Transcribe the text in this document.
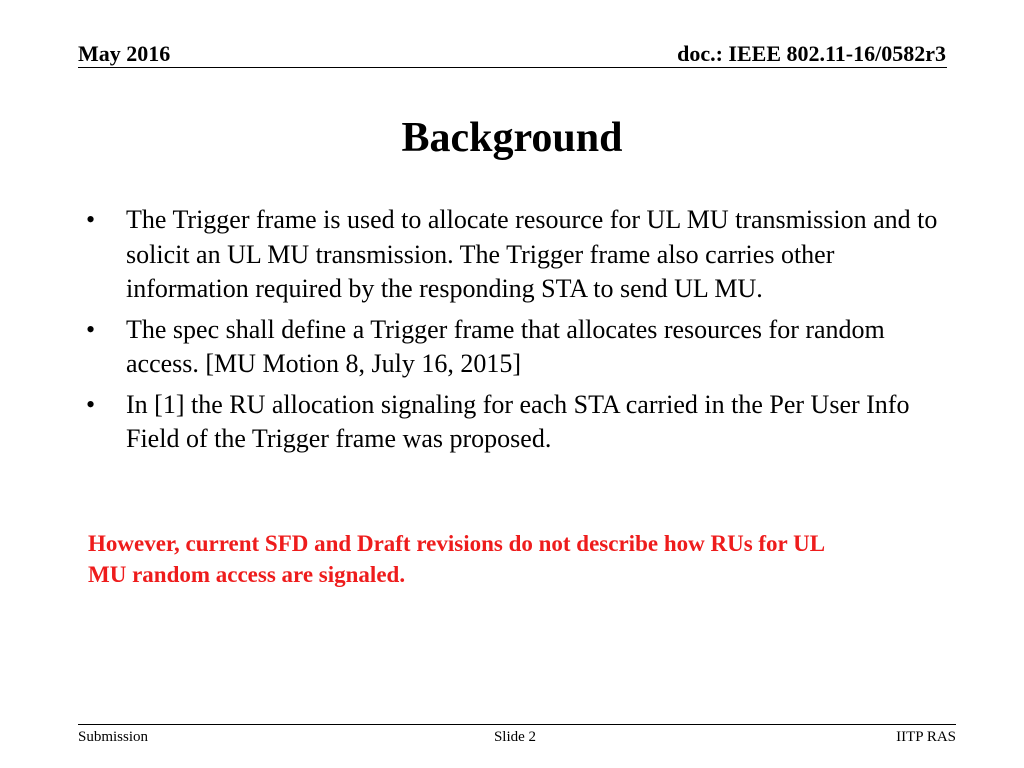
May 2016	doc.: IEEE 802.11-16/0582r3
Background
•	The Trigger frame is used to allocate resource for UL MU transmission and to solicit an UL MU transmission. The Trigger frame also carries other information required by the responding STA to send UL MU.
•	The spec shall define a Trigger frame that allocates resources for random access. [MU Motion 8, July 16, 2015]
•	In [1] the RU allocation signaling for each STA carried in the Per User Info Field of the Trigger frame was proposed.
However, current SFD and Draft revisions do not describe how RUs for UL
MU random access are signaled.
Submission	Slide 2	IITP RAS
